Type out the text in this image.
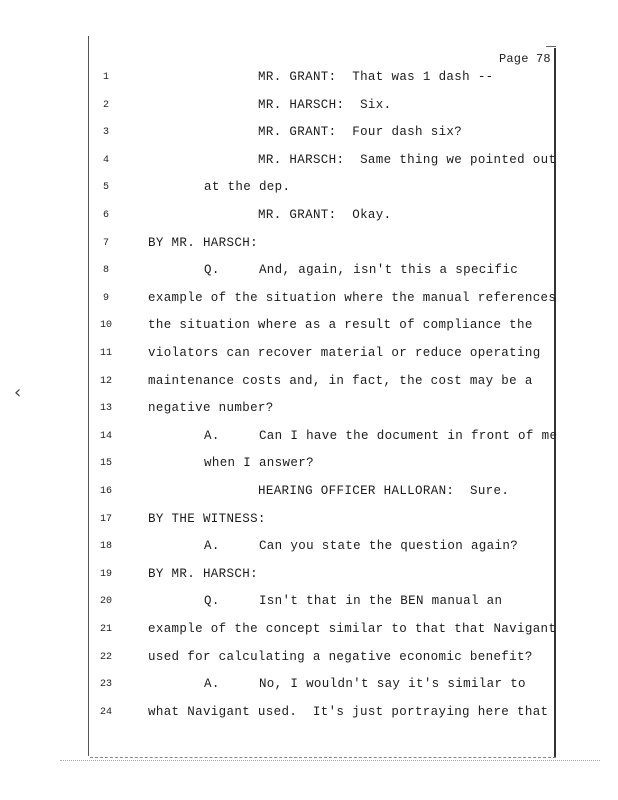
‹
Page 78
1	MR. GRANT:  That was 1 dash --
2	MR. HARSCH:  Six.
3	MR. GRANT:  Four dash six?
4	MR. HARSCH:  Same thing we pointed out
5	at the dep.
6	MR. GRANT:  Okay.
7	BY MR. HARSCH:
8	Q.     And, again, isn't this a specific
9	example of the situation where the manual references
10	the situation where as a result of compliance the
11	violators can recover material or reduce operating
12	maintenance costs and, in fact, the cost may be a
13	negative number?
14	A.     Can I have the document in front of me
15	when I answer?
16	HEARING OFFICER HALLORAN:  Sure.
17	BY THE WITNESS:
18	A.     Can you state the question again?
19	BY MR. HARSCH:
20	Q.     Isn't that in the BEN manual an
21	example of the concept similar to that that Navigant
22	used for calculating a negative economic benefit?
23	A.     No, I wouldn't say it's similar to
24	what Navigant used.  It's just portraying here that
